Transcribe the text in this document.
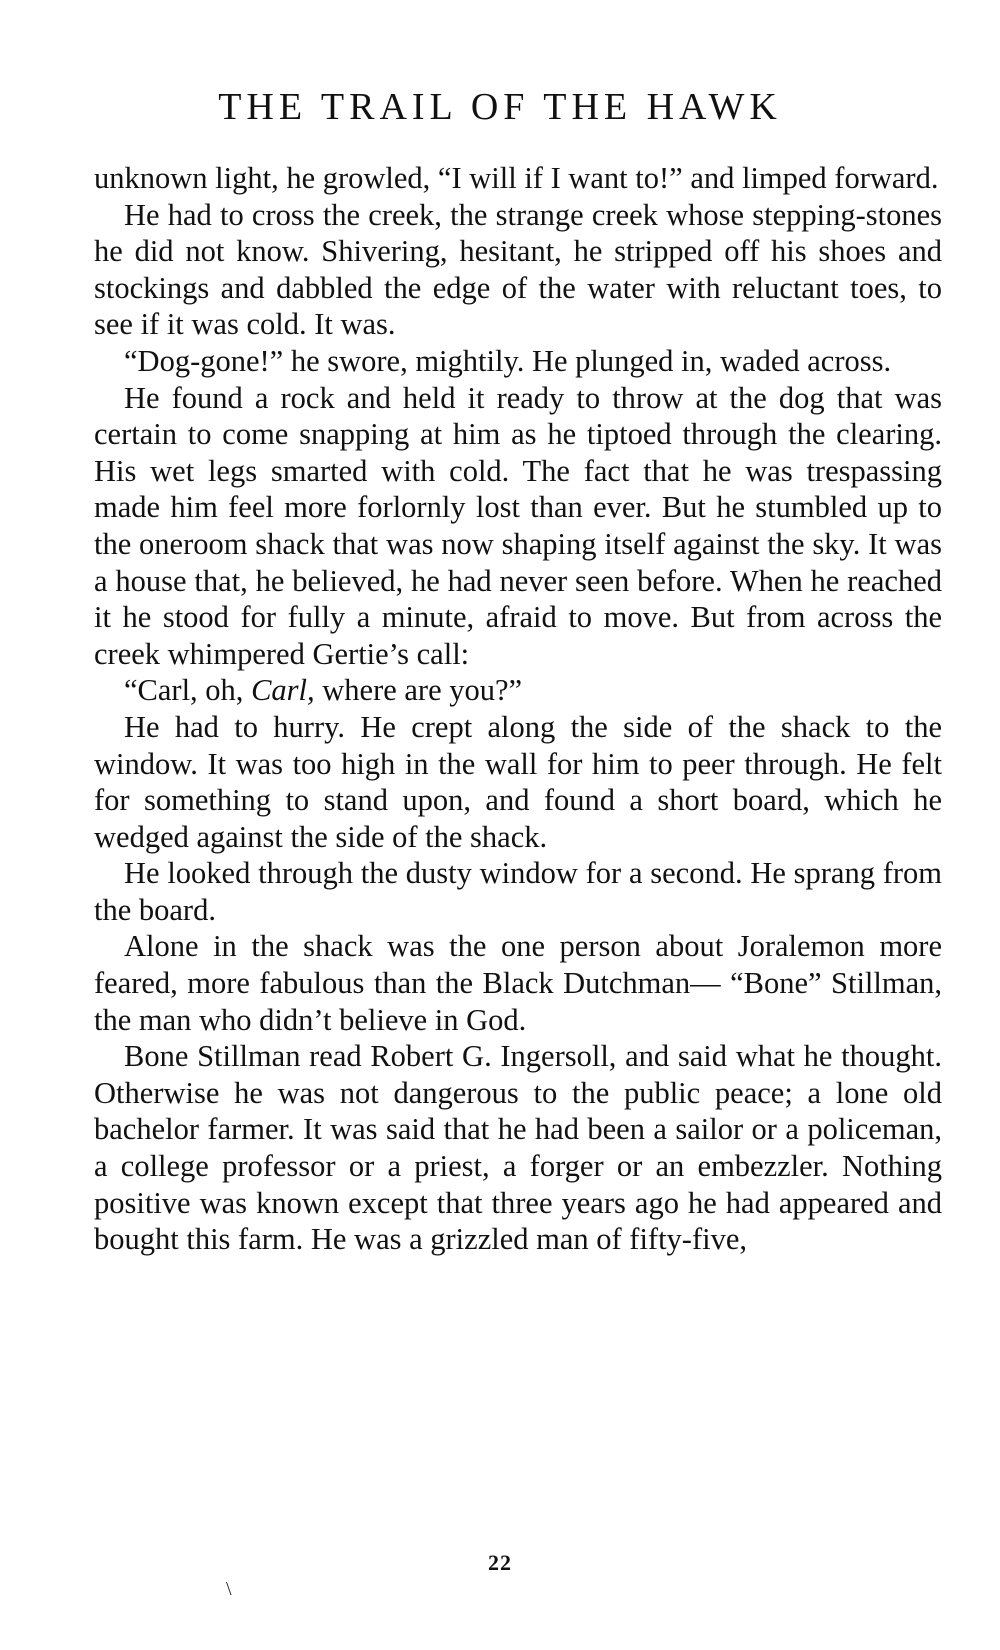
THE TRAIL OF THE HAWK

unknown light, he growled, “I will if I want to!” and limped forward.

He had to cross the creek, the strange creek whose stepping-stones he did not know. Shivering, hesitant, he stripped off his shoes and stockings and dabbled the edge of the water with reluctant toes, to see if it was cold. It was.

“Dog-gone!” he swore, mightily. He plunged in, waded across.

He found a rock and held it ready to throw at the dog that was certain to come snapping at him as he tiptoed through the clearing. His wet legs smarted with cold. The fact that he was trespassing made him feel more forlornly lost than ever. But he stumbled up to the oneroom shack that was now shaping itself against the sky. It was a house that, he believed, he had never seen before. When he reached it he stood for fully a minute, afraid to move. But from across the creek whimpered Gertie’s call:

“Carl, oh, Carl, where are you?”

He had to hurry. He crept along the side of the shack to the window. It was too high in the wall for him to peer through. He felt for something to stand upon, and found a short board, which he wedged against the side of the shack.

He looked through the dusty window for a second. He sprang from the board.

Alone in the shack was the one person about Joralemon more feared, more fabulous than the Black Dutchman— “Bone” Stillman, the man who didn’t believe in God.

Bone Stillman read Robert G. Ingersoll, and said what he thought. Otherwise he was not dangerous to the public peace; a lone old bachelor farmer. It was said that he had been a sailor or a policeman, a college professor or a priest, a forger or an embezzler. Nothing positive was known except that three years ago he had appeared and bought this farm. He was a grizzled man of fifty-five,

22
\
